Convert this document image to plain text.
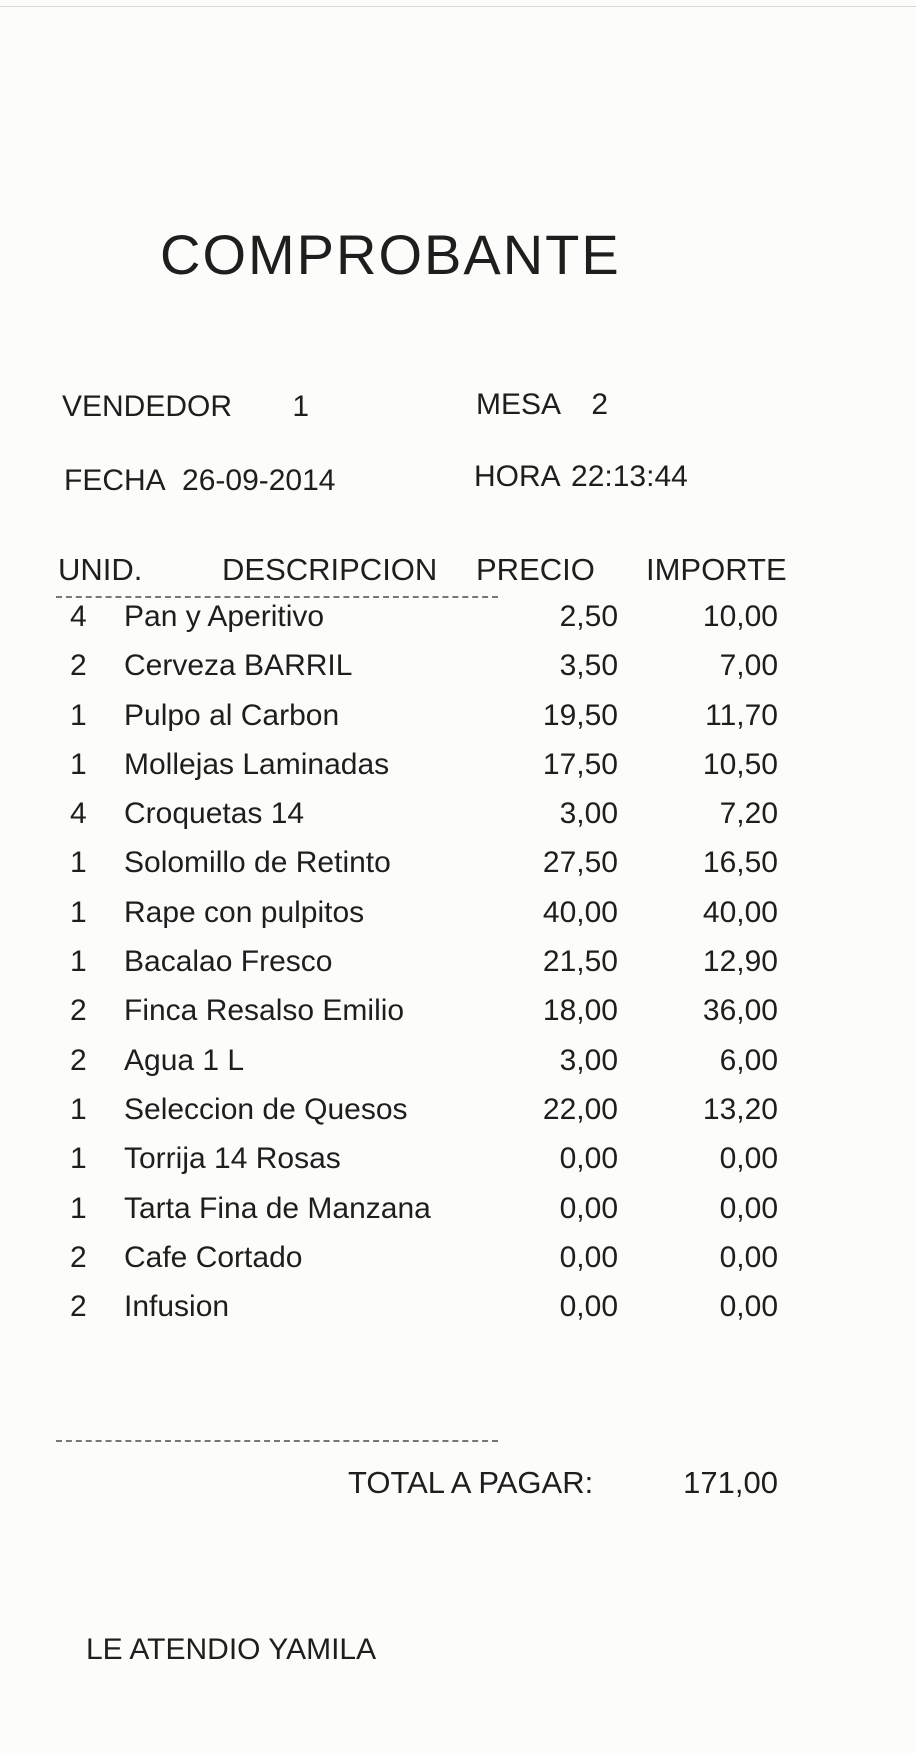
COMPROBANTE
VENDEDOR 1	MESA 2
FECHA 26-09-2014	HORA 22:13:44
UNID.	DESCRIPCION PRECIO IMPORTE
4 Pan y Aperitivo	2,50	10,00
2 Cerveza BARRIL	3,50	7,00
1 Pulpo al Carbon	19,50	11,70
1 Mollejas Laminadas	17,50	10,50
4 Croquetas 14	3,00	7,20
1 Solomillo de Retinto	27,50	16,50
1 Rape con pulpitos	40,00	40,00
1 Bacalao Fresco	21,50	12,90
2 Finca Resalso Emilio	18,00	36,00
2 Agua 1 L	3,00	6,00
1 Seleccion de Quesos	22,00	13,20
1 Torrija 14 Rosas	0,00	0,00
1 Tarta Fina de Manzana	0,00	0,00
2 Cafe Cortado	0,00	0,00
2 Infusion	0,00	0,00
TOTAL A PAGAR:	171,00
LE ATENDIO YAMILA
